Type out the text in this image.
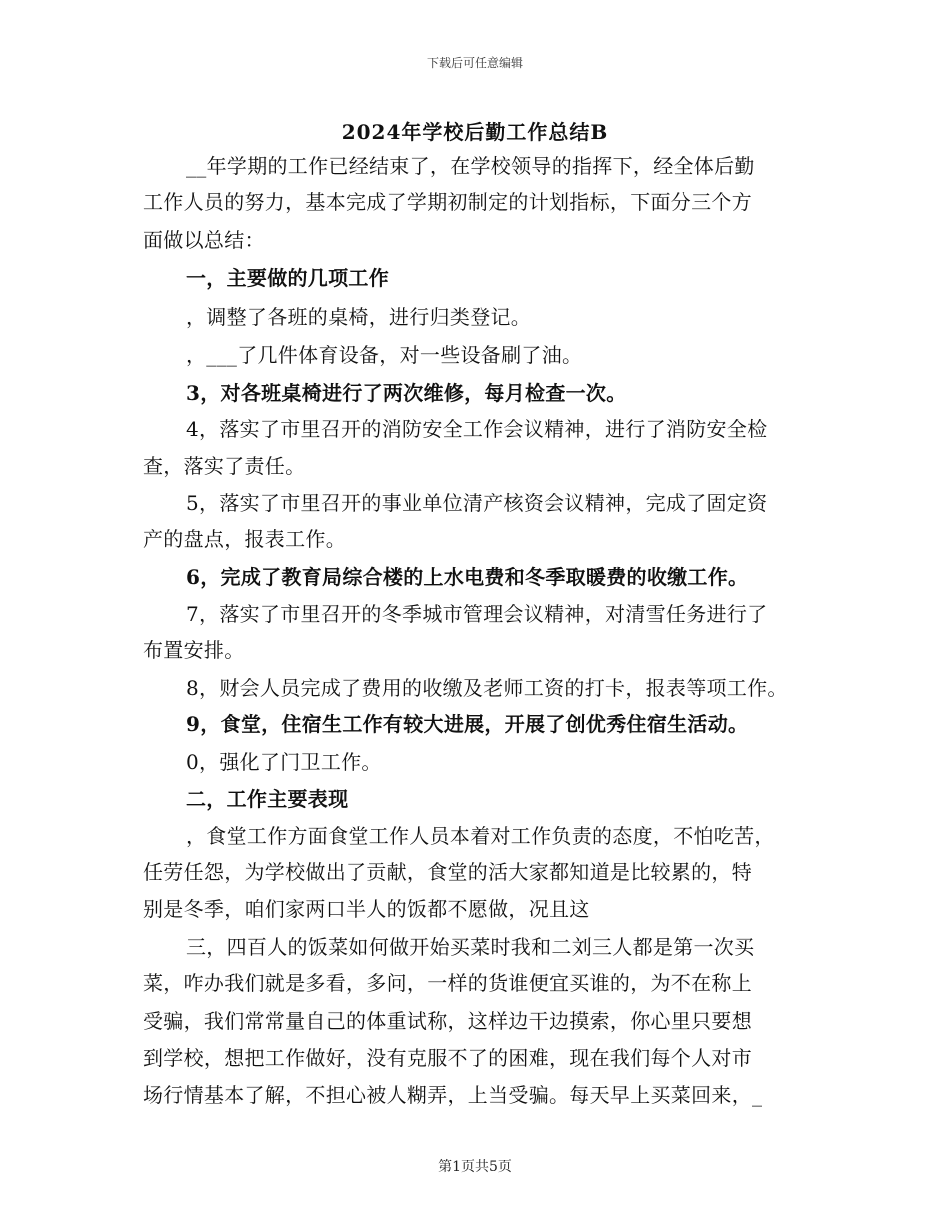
下载后可任意编辑
2024年学校后勤工作总结B
__年学期的工作已经结束了，在学校领导的指挥下，经全体后勤
工作人员的努力，基本完成了学期初制定的计划指标，下面分三个方
面做以总结：
一，主要做的几项工作
，调整了各班的桌椅，进行归类登记。
，___了几件体育设备，对一些设备刷了油。
3，对各班桌椅进行了两次维修，每月检查一次。
4，落实了市里召开的消防安全工作会议精神，进行了消防安全检
查，落实了责任。
5，落实了市里召开的事业单位清产核资会议精神，完成了固定资
产的盘点，报表工作。
6，完成了教育局综合楼的上水电费和冬季取暖费的收缴工作。
7，落实了市里召开的冬季城市管理会议精神，对清雪任务进行了
布置安排。
8，财会人员完成了费用的收缴及老师工资的打卡，报表等项工作。
9，食堂，住宿生工作有较大进展，开展了创优秀住宿生活动。
0，强化了门卫工作。
二，工作主要表现
，食堂工作方面食堂工作人员本着对工作负责的态度，不怕吃苦，
任劳任怨，为学校做出了贡献，食堂的活大家都知道是比较累的，特
别是冬季，咱们家两口半人的饭都不愿做，况且这
三，四百人的饭菜如何做开始买菜时我和二刘三人都是第一次买
菜，咋办我们就是多看，多问，一样的货谁便宜买谁的，为不在称上
受骗，我们常常量自己的体重试称，这样边干边摸索，你心里只要想
到学校，想把工作做好，没有克服不了的困难，现在我们每个人对市
场行情基本了解，不担心被人糊弄，上当受骗。每天早上买菜回来，_
第1页共5页
